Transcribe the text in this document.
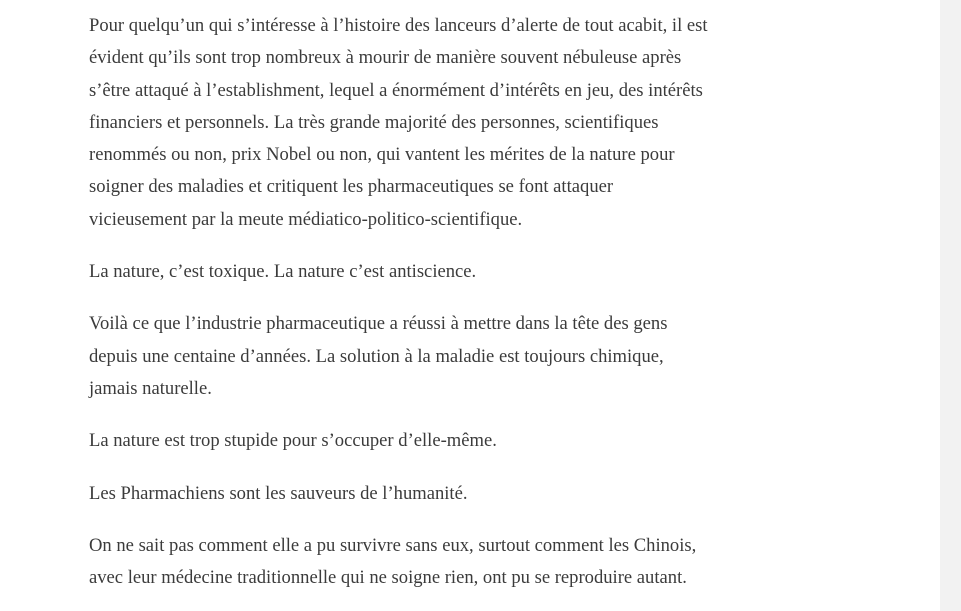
Pour quelqu’un qui s’intéresse à l’histoire des lanceurs d’alerte de tout acabit, il est
évident qu’ils sont trop nombreux à mourir de manière souvent nébuleuse après
s’être attaqué à l’establishment, lequel a énormément d’intérêts en jeu, des intérêts
financiers et personnels. La très grande majorité des personnes, scientifiques
renommés ou non, prix Nobel ou non, qui vantent les mérites de la nature pour
soigner des maladies et critiquent les pharmaceutiques se font attaquer
vicieusement par la meute médiatico-politico-scientifique.

La nature, c’est toxique. La nature c’est antiscience.

Voilà ce que l’industrie pharmaceutique a réussi à mettre dans la tête des gens
depuis une centaine d’années. La solution à la maladie est toujours chimique,
jamais naturelle.

La nature est trop stupide pour s’occuper d’elle-même.

Les Pharmachiens sont les sauveurs de l’humanité.

On ne sait pas comment elle a pu survivre sans eux, surtout comment les Chinois,
avec leur médecine traditionnelle qui ne soigne rien, ont pu se reproduire autant.
